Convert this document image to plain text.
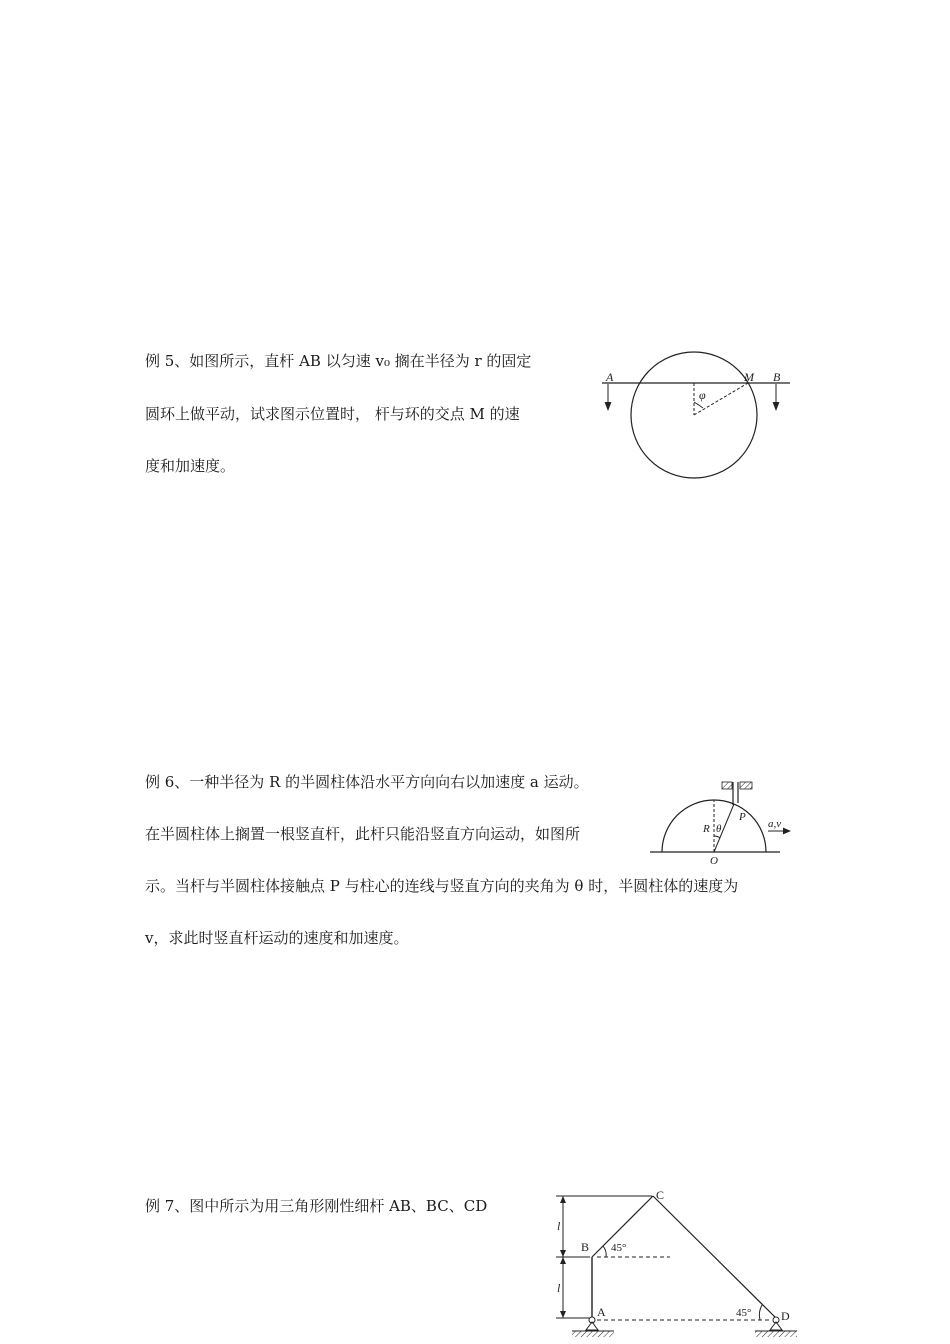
例 5、如图所示，直杆 AB 以匀速 v₀ 搁在半径为 r 的固定
圆环上做平动，试求图示位置时， 杆与环的交点 M 的速
度和加速度。
A	B
M
φ
例 6、一种半径为 R 的半圆柱体沿水平方向向右以加速度 a 运动。
在半圆柱体上搁置一根竖直杆，此杆只能沿竖直方向运动，如图所
示。当杆与半圆柱体接触点 P 与柱心的连线与竖直方向的夹角为 θ 时，半圆柱体的速度为
v，求此时竖直杆运动的速度和加速度。
R θ
P
O
a,v
例 7、图中所示为用三角形刚性细杆 AB、BC、CD
C
B
A	D
l
l
45°
45°
